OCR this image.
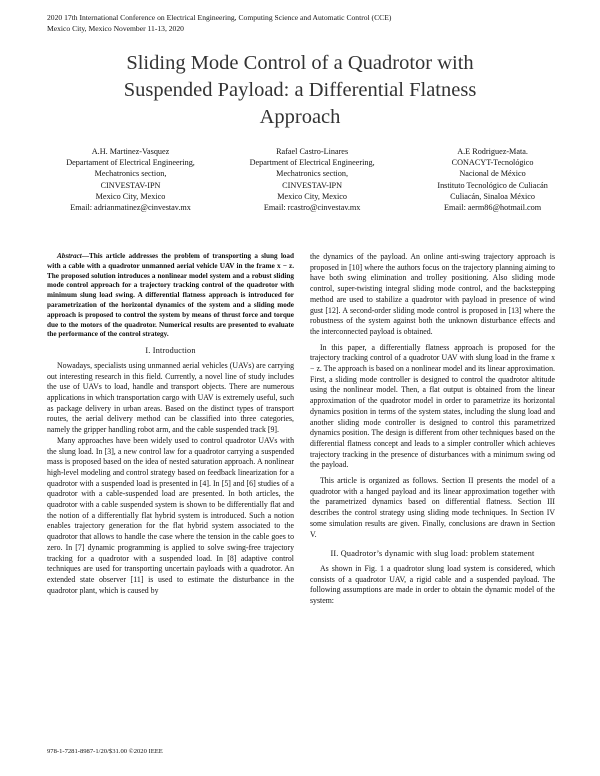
2020 17th International Conference on Electrical Engineering, Computing Science and Automatic Control (CCE)
Mexico City, Mexico November 11-13, 2020
Sliding Mode Control of a Quadrotor with
Suspended Payload: a Differential Flatness
Approach
A.H. Martinez-Vasquez
Departament of Electrical Engineering,
Mechatronics section,
CINVESTAV-IPN
Mexico City, Mexico
Email: adrianmatinez@cinvestav.mx
Rafael Castro-Linares
Department of Electrical Engineering,
Mechatronics section,
CINVESTAV-IPN
Mexico City, Mexico
Email: rcastro@cinvestav.mx
A.E Rodriguez-Mata.
CONACYT-Tecnológico
Nacional de México
Instituto Tecnológico de Culiacán
Culiacán, Sinaloa México
Email: aerm86@hotmail.com

Abstract—This article addresses the problem of transporting a slung load with a cable with a quadrotor unmanned aerial vehicle UAV in the frame x − z. The proposed solution introduces a nonlinear model system and a robust sliding mode control approach for a trajectory tracking control of the quadrotor with minimum slung load swing. A differential flatness approach is introduced for parametrization of the horizontal dynamics of the system and a sliding mode approach is proposed to control the system by means of thrust force and torque due to the motors of the quadrotor. Numerical results are presented to evaluate the performance of the control strategy.

I. Introduction

Nowadays, specialists using unmanned aerial vehicles (UAVs) are carrying out interesting research in this field. Currently, a novel line of study includes the use of UAVs to load, handle and transport objects. There are numerous applications in which transportation cargo with UAV is extremely useful, such as package delivery in urban areas. Based on the distinct types of transport routes, the aerial delivery method can be classified into three categories, namely the gripper handling robot arm, and the cable suspended track [9].

Many approaches have been widely used to control quadrotor UAVs with the slung load. In [3], a new control law for a quadrotor carrying a suspended mass is proposed based on the idea of nested saturation approach. A nonlinear high-level modeling and control strategy based on feedback linearization for a quadrotor with a suspended load is presented in [4]. In [5] and [6] studies of a quadrotor with a cable-suspended load are presented. In both articles, the quadrotor with a cable suspended system is shown to be differentially flat and the notion of a differentially flat hybrid system is introduced. Such a notion enables trajectory generation for the flat hybrid system associated to the quadrotor that allows to handle the case where the tension in the cable goes to zero. In [7] dynamic programming is applied to solve swing-free trajectory tracking for a quadrotor with a suspended load. In [8] adaptive control techniques are used for transporting uncertain payloads with a quadrotor. An extended state observer [11] is used to estimate the disturbance in the quadrotor plant, which is caused by

the dynamics of the payload. An online anti-swing trajectory approach is proposed in [10] where the authors focus on the trajectory planning aiming to have both swing elimination and trolley positioning. Also sliding mode control, super-twisting integral sliding mode control, and the backstepping method are used to stabilize a quadrotor with payload in presence of wind gust [12]. A second-order sliding mode control is proposed in [13] where the robustness of the system against both the unknown disturbance effects and the interconnected payload is obtained.

In this paper, a differentially flatness approach is proposed for the trajectory tracking control of a quadrotor UAV with slung load in the frame x − z. The approach is based on a nonlinear model and its linear approximation. First, a sliding mode controller is designed to control the quadrotor altitude using the nonlinear model. Then, a flat output is obtained from the linear approximation of the quadrotor model in order to parametrize its horizontal dynamics position in terms of the system states, including the slung load and another sliding mode controller is designed to control this parametrized dynamics position. The design is different from other techniques based on the differential flatness concept and leads to a simpler controller which achieves trajectory tracking in the presence of disturbances with a minimum swing od the payload.

This article is organized as follows. Section II presents the model of a quadrotor with a hanged payload and its linear approximation together with the parametrized dynamics based on differential flatness. Section III describes the control strategy using sliding mode techniques. In Section IV some simulation results are given. Finally, conclusions are drawn in Section V.

II. Quadrotor’s dynamic with slug load: problem statement

As shown in Fig. 1 a quadrotor slung load system is considered, which consists of a quadrotor UAV, a rigid cable and a suspended payload. The following assumptions are made in order to obtain the dynamic model of the system:

978-1-7281-8987-1/20/$31.00 ©2020 IEEE
